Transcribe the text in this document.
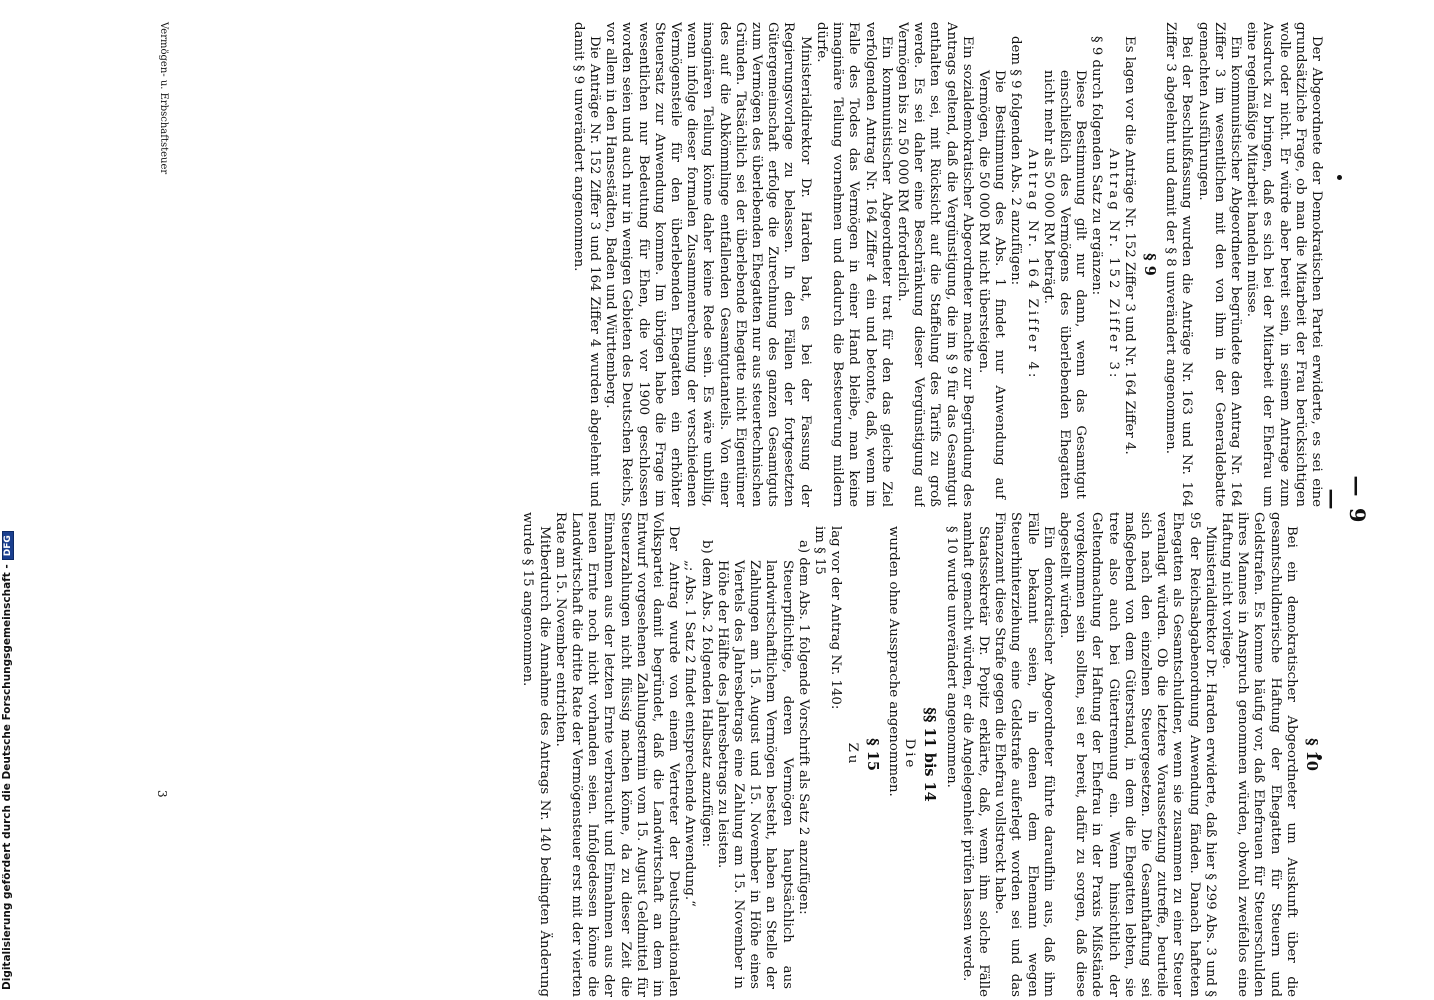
— 9 —

Der Abgeordnete der Demokratischen Partei erwiderte, es sei eine grundsätzliche Frage, ob man die Mitarbeit der Frau berücksichtigen wolle oder nicht. Er würde aber bereit sein, in seinem Antrage zum Ausdruck zu bringen, daß es sich bei der Mitarbeit der Ehefrau um eine regelmäßige Mitarbeit handeln müsse.

Ein kommunistischer Abgeordneter begründete den Antrag Nr. 164 Ziffer 3 im wesentlichen mit den von ihm in der Generaldebatte gemachten Ausführungen.

Bei der Beschlußfassung wurden die Anträge Nr. 163 und Nr. 164 Ziffer 3 abgelehnt und damit der § 8 unverändert angenommen.

§ 9

Es lagen vor die Anträge Nr. 152 Ziffer 3 und Nr. 164 Ziffer 4.

Antrag Nr. 152 Ziffer 3:

§ 9 durch folgenden Satz zu ergänzen:

Diese Bestimmung gilt nur dann, wenn das Gesamtgut einschließlich des Vermögens des überlebenden Ehegatten nicht mehr als 50 000 RM beträgt.

Antrag Nr. 164 Ziffer 4:

dem § 9 folgenden Abs. 2 anzufügen:

Die Bestimmung des Abs. 1 findet nur Anwendung auf Vermögen, die 50 000 RM nicht übersteigen.

Ein sozialdemokratischer Abgeordneter machte zur Begründung des Antrags geltend, daß die Vergünstigung, die im § 9 für das Gesamtgut enthalten sei, mit Rücksicht auf die Staffelung des Tarifs zu groß werde. Es sei daher eine Beschränkung dieser Vergünstigung auf Vermögen bis zu 50 000 RM erforderlich.

Ein kommunistischer Abgeordneter trat für den das gleiche Ziel verfolgenden Antrag Nr. 164 Ziffer 4 ein und betonte, daß, wenn im Falle des Todes das Vermögen in einer Hand bleibe, man keine imaginäre Teilung vornehmen und dadurch die Besteuerung mildern dürfe.

Ministerialdirektor Dr. Harden bat, es bei der Fassung der Regierungsvorlage zu belassen. In den Fällen der fortgesetzten Gütergemeinschaft erfolge die Zurechnung des ganzen Gesamtguts zum Vermögen des überlebenden Ehegatten nur aus steuertechnischen Gründen. Tatsächlich sei der überlebende Ehegatte nicht Eigentümer des auf die Abkömmlinge entfallenden Gesamtgutanteils. Von einer imaginären Teilung könne daher keine Rede sein. Es wäre unbillig, wenn infolge dieser formalen Zusammenrechnung der verschiedenen Vermögensteile für den überlebenden Ehegatten ein erhöhter Steuersatz zur Anwendung komme. Im übrigen habe die Frage im wesentlichen nur Bedeutung für Ehen, die vor 1900 geschlossen worden seien und auch nur in wenigen Gebieten des Deutschen Reichs, vor allem in den Hansestädten, Baden und Württemberg.

Die Anträge Nr. 152 Ziffer 3 und 164 Ziffer 4 wurden abgelehnt und damit § 9 unverändert angenommen.

§ 10

Bei ein demokratischer Abgeordneter um Auskunft über die gesamtschuldnerische Haftung der Ehegatten für Steuern und Geldstrafen. Es komme häufig vor, daß Ehefrauen für Steuerschulden ihres Mannes in Anspruch genommen würden, obwohl zweifellos eine Haftung nicht vorliege.

Ministerialdirektor Dr. Harden erwiderte, daß hier § 299 Abs. 3 und § 95 der Reichsabgabenordnung Anwendung fänden. Danach hafteten Ehegatten als Gesamtschuldner, wenn sie zusammen zu einer Steuer veranlagt würden. Ob die letztere Voraussetzung zutreffe, beurteile sich nach den einzelnen Steuergesetzen. Die Gesamthaftung sei maßgebend von dem Güterstand, in dem die Ehegatten lebten, sie trete also auch bei Gütertrennung ein. Wenn hinsichtlich der Geltendmachung der Haftung der Ehefrau in der Praxis Mißstände vorgekommen sein sollten, sei er bereit, dafür zu sorgen, daß diese abgestellt würden.

Ein demokratischer Abgeordneter führte daraufhin aus, daß ihm Fälle bekannt seien, in denen dem Ehemann wegen Steuerhinterziehung eine Geldstrafe auferlegt worden sei und das Finanzamt diese Strafe gegen die Ehefrau vollstreckt habe.

Staatssekretär Dr. Popitz erklärte, daß, wenn ihm solche Fälle namhaft gemacht würden, er die Angelegenheit prüfen lassen werde.

§ 10 wurde unverändert angenommen.

§§ 11 bis 14

Die

wurden ohne Aussprache angenommen.

§ 15

Zu

lag vor der Antrag Nr. 140:

im § 15

a) dem Abs. 1 folgende Vorschrift als Satz 2 anzufügen:

Steuerpflichtige, deren Vermögen hauptsächlich aus landwirtschaftlichem Vermögen besteht, haben an Stelle der Zahlungen am 15. August und 15. November in Höhe eines Viertels des Jahresbetrags eine Zahlung am 15. November in Höhe der Hälfte des Jahresbetrags zu leisten.

b) dem Abs. 2 folgenden Halbsatz anzufügen:

„; Abs. 1 Satz 2 findet entsprechende Anwendung.“

Der Antrag wurde von einem Vertreter der Deutschnationalen Volkspartei damit begründet, daß die Landwirtschaft an dem im Entwurf vorgesehenen Zahlungstermin vom 15. August Geldmittel für Steuerzahlungen nicht flüssig machen könne, da zu dieser Zeit die Einnahmen aus der letzten Ernte verbraucht und Einnahmen aus der neuen Ernte noch nicht vorhanden seien. Infolgedessen könne die Landwirtschaft die dritte Rate der Vermögensteuer erst mit der vierten Rate am 15. November entrichten.

Mitberdurch die Annahme des Antrags Nr. 140 bedingten Änderung wurde § 15 angenommen.

Vermögen- u. Erbschaftsteuer
3
Digitalisierung gefördert durch die Deutsche Forschungsgemeinschaft -DFG
